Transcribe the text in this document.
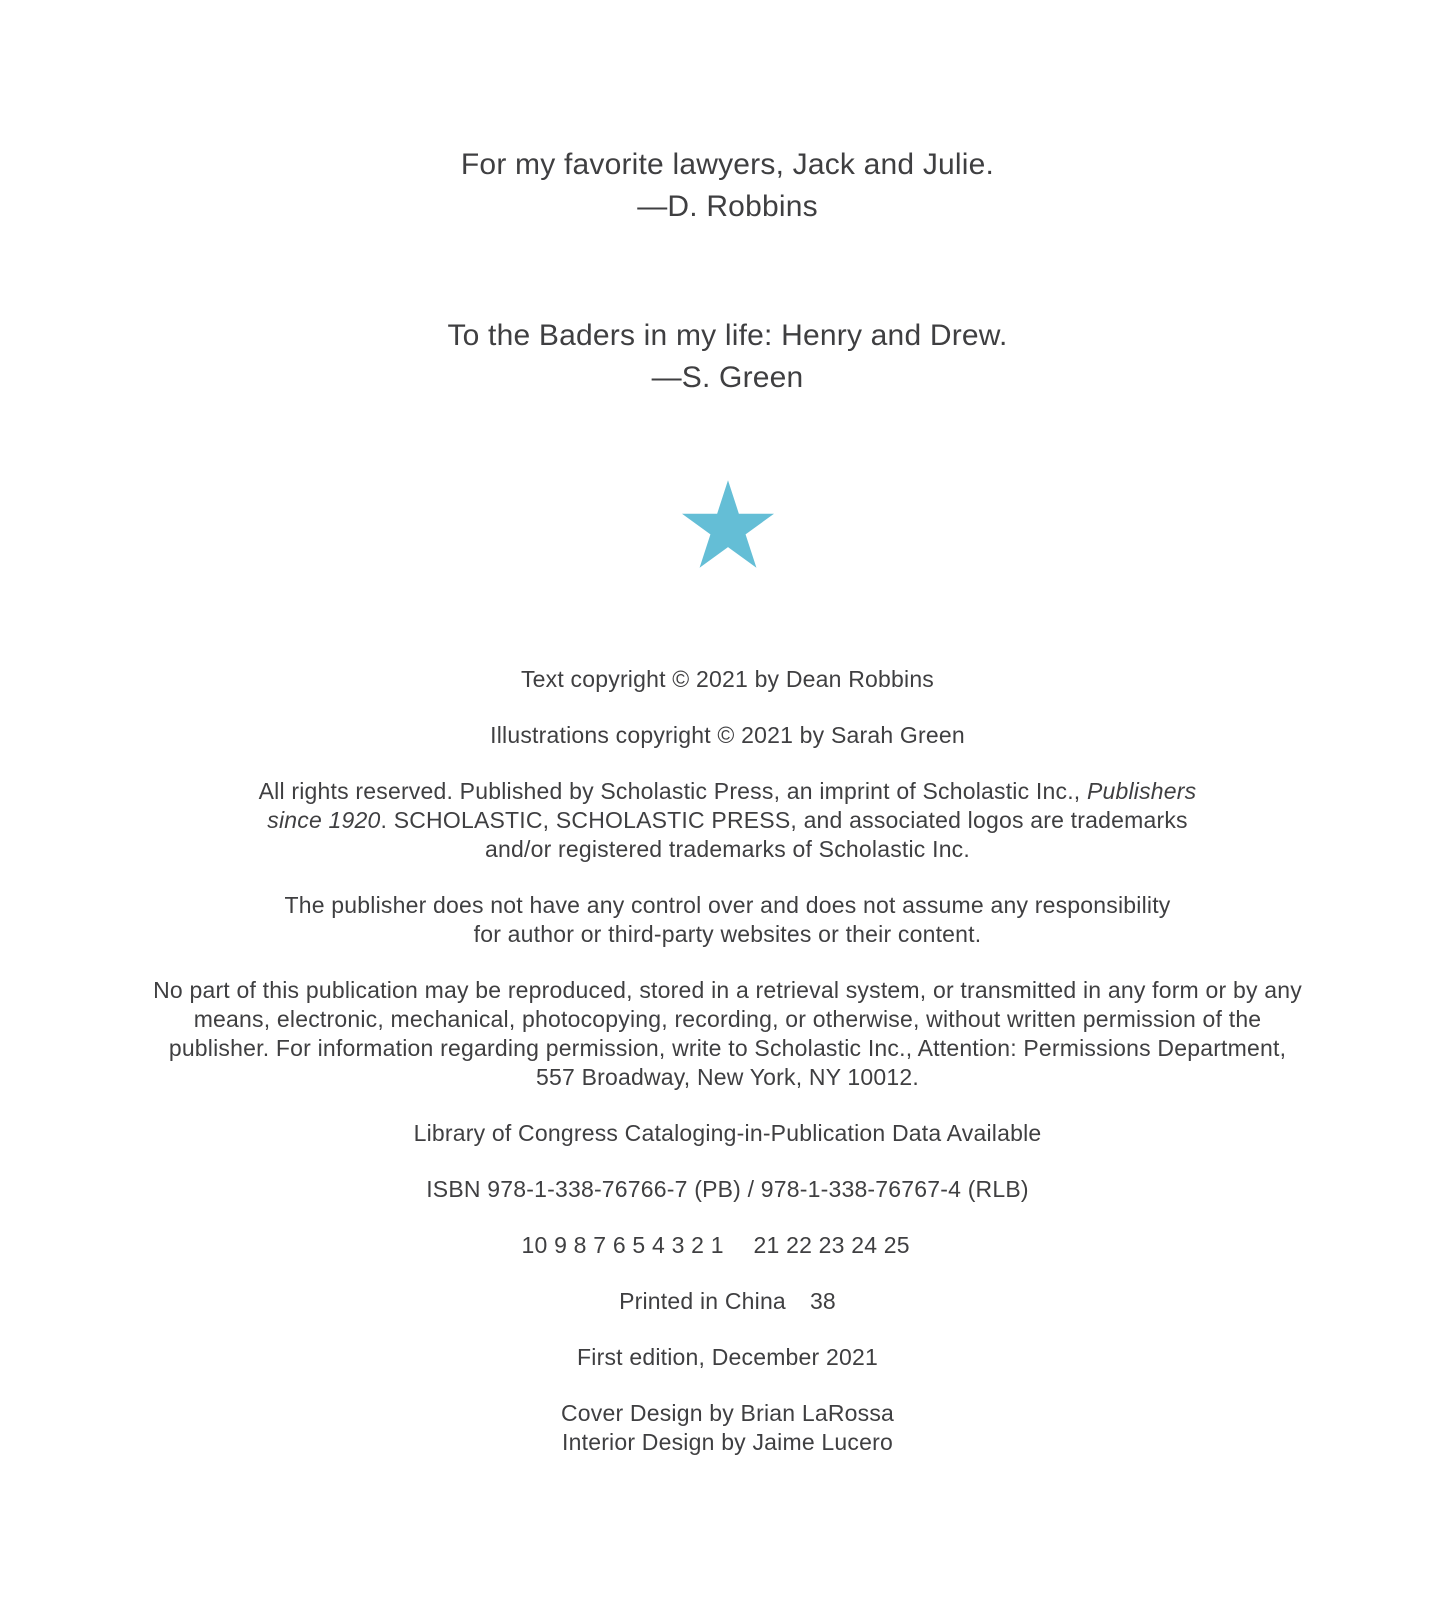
For my favorite lawyers, Jack and Julie.

—D. Robbins

To the Baders in my life: Henry and Drew.

—S. Green

Text copyright © 2021 by Dean Robbins

Illustrations copyright © 2021 by Sarah Green

All rights reserved. Published by Scholastic Press, an imprint of Scholastic Inc., Publishers since 1920. SCHOLASTIC, SCHOLASTIC PRESS, and associated logos are trademarks and/or registered trademarks of Scholastic Inc.

The publisher does not have any control over and does not assume any responsibility for author or third-party websites or their content.

No part of this publication may be reproduced, stored in a retrieval system, or transmitted in any form or by any means, electronic, mechanical, photocopying, recording, or otherwise, without written permission of the publisher. For information regarding permission, write to Scholastic Inc., Attention: Permissions Department, 557 Broadway, New York, NY 10012.

Library of Congress Cataloging-in-Publication Data Available

ISBN 978-1-338-76766-7 (PB) / 978-1-338-76767-4 (RLB)

10 9 8 7 6 5 4 3 2 1	21 22 23 24 25

Printed in China 38

First edition, December 2021

Cover Design by Brian LaRossa
Interior Design by Jaime Lucero
